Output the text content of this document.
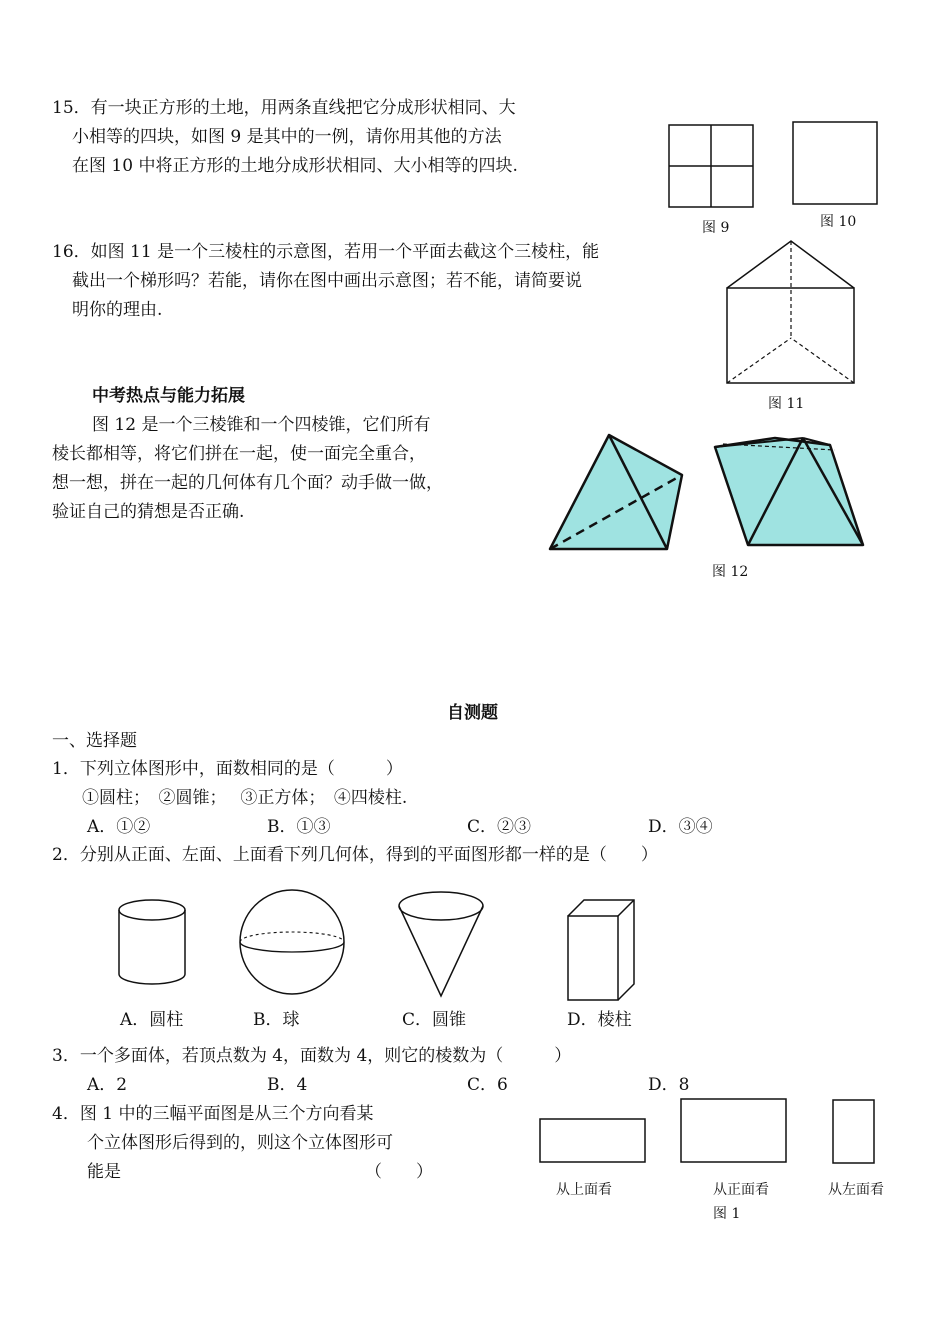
15．有一块正方形的土地，用两条直线把它分成形状相同、大
小相等的四块，如图 9 是其中的一例，请你用其他的方法
在图 10 中将正方形的土地分成形状相同、大小相等的四块.
图 9	图 10
16．如图 11 是一个三棱柱的示意图，若用一个平面去截这个三棱柱，能
截出一个梯形吗？若能，请你在图中画出示意图；若不能，请简要说
明你的理由.
图 11
中考热点与能力拓展
图 12 是一个三棱锥和一个四棱锥，它们所有
棱长都相等，将它们拼在一起，使一面完全重合，
想一想，拼在一起的几何体有几个面？动手做一做，
验证自己的猜想是否正确.
图 12
自测题
一、选择题
1．下列立体图形中，面数相同的是（　　　）
①圆柱；　②圆锥；　 ③正方体；　④四棱柱.
A．①②	B．①③	C．②③	D．③④
2．分别从正面、左面、上面看下列几何体，得到的平面图形都一样的是（　　）
A．圆柱	B．球	C．圆锥	D．棱柱
3．一个多面体，若顶点数为 4，面数为 4，则它的棱数为（　　　）
A．2	B．4	C．6	D．8
4．图 1 中的三幅平面图是从三个方向看某
个立体图形后得到的，则这个立体图形可
能是	（　　）
从上面看	从正面看	从左面看
图 1
